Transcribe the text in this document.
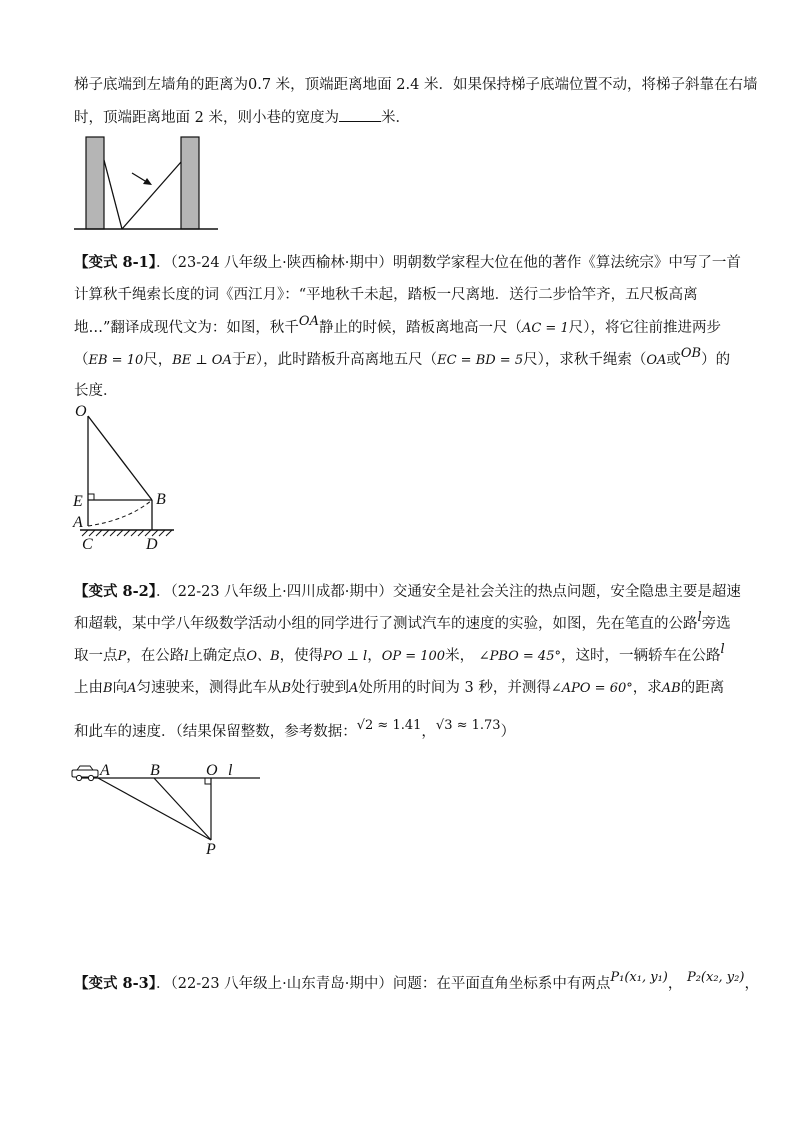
梯子底端到左墙角的距离为0.7 米，顶端距离地面 2.4 米．如果保持梯子底端位置不动，将梯子斜靠在右墙
时，顶端距离地面 2 米，则小巷的宽度为	米．
【变式 8-1】．（23-24 八年级上·陕西榆林·期中）明朝数学家程大位在他的著作《算法统宗》中写了一首
计算秋千绳索长度的词《西江月》：“平地秋千未起，踏板一尺离地．送行二步恰竿齐，五尺板高离
地…”翻译成现代文为：如图，秋千OA静止的时候，踏板离地高一尺（AC = 1尺），将它往前推进两步
（EB = 10尺，BE ⊥ OA于E），此时踏板升高离地五尺（EC = BD = 5尺），求秋千绳索（OA或OB）的
长度．
O
E
A
C
B
D
【变式 8-2】．（22-23 八年级上·四川成都·期中）交通安全是社会关注的热点问题，安全隐患主要是超速
和超载，某中学八年级数学活动小组的同学进行了测试汽车的速度的实验，如图，先在笔直的公路l旁选
取一点P，在公路l上确定点O、B，使得PO ⊥ l，OP = 100米， ∠PBO = 45°，这时，一辆轿车在公路l
上由B向A匀速驶来，测得此车从B处行驶到A处所用的时间为 3 秒，并测得∠APO = 60°，求AB的距离
和此车的速度．（结果保留整数，参考数据：√2 ≈ 1.41，√3 ≈ 1.73）
A	B	O l
P
【变式 8-3】．（22-23 八年级上·山东青岛·期中）问题：在平面直角坐标系中有两点P₁(x₁, y₁)， P₂(x₂, y₂)，
